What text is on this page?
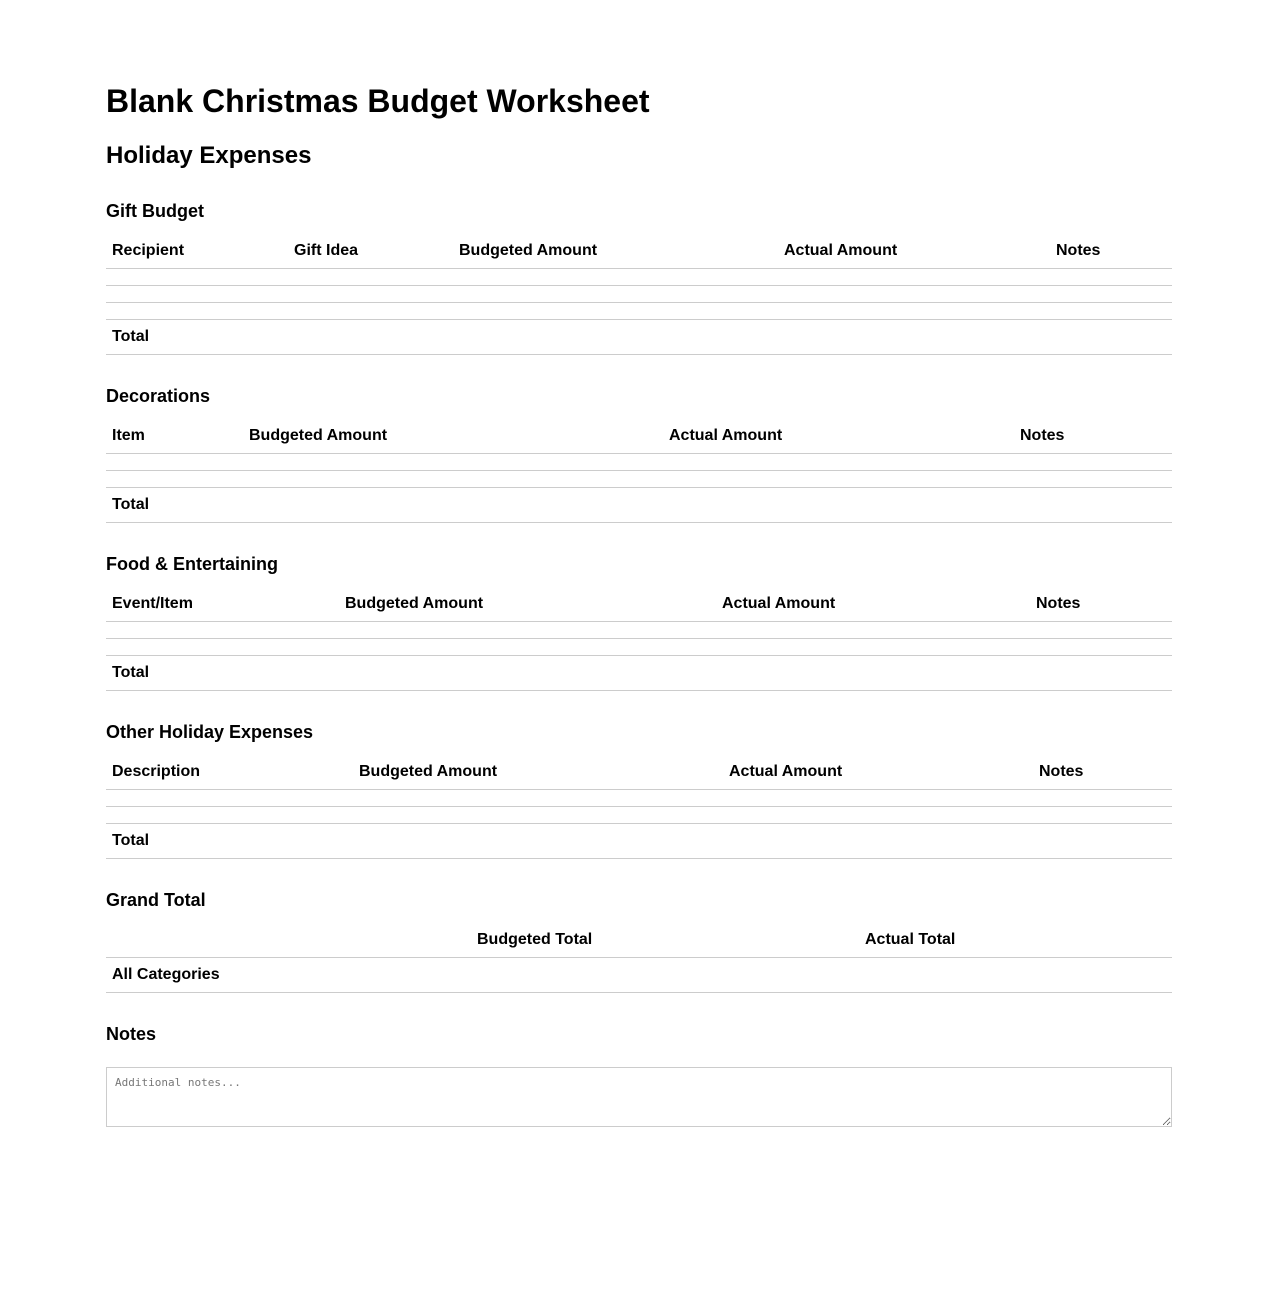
Blank Christmas Budget Worksheet
Holiday Expenses
Gift Budget
Recipient	Gift Idea	Budgeted Amount	Actual Amount	Notes

Total				
Decorations
Item	Budgeted Amount	Actual Amount	Notes

Total			
Food & Entertaining
Event/Item	Budgeted Amount	Actual Amount	Notes

Total			
Other Holiday Expenses
Description	Budgeted Amount	Actual Amount	Notes

Total			
Grand Total
	Budgeted Total	Actual Total
All Categories		
Notes
Additional notes...
